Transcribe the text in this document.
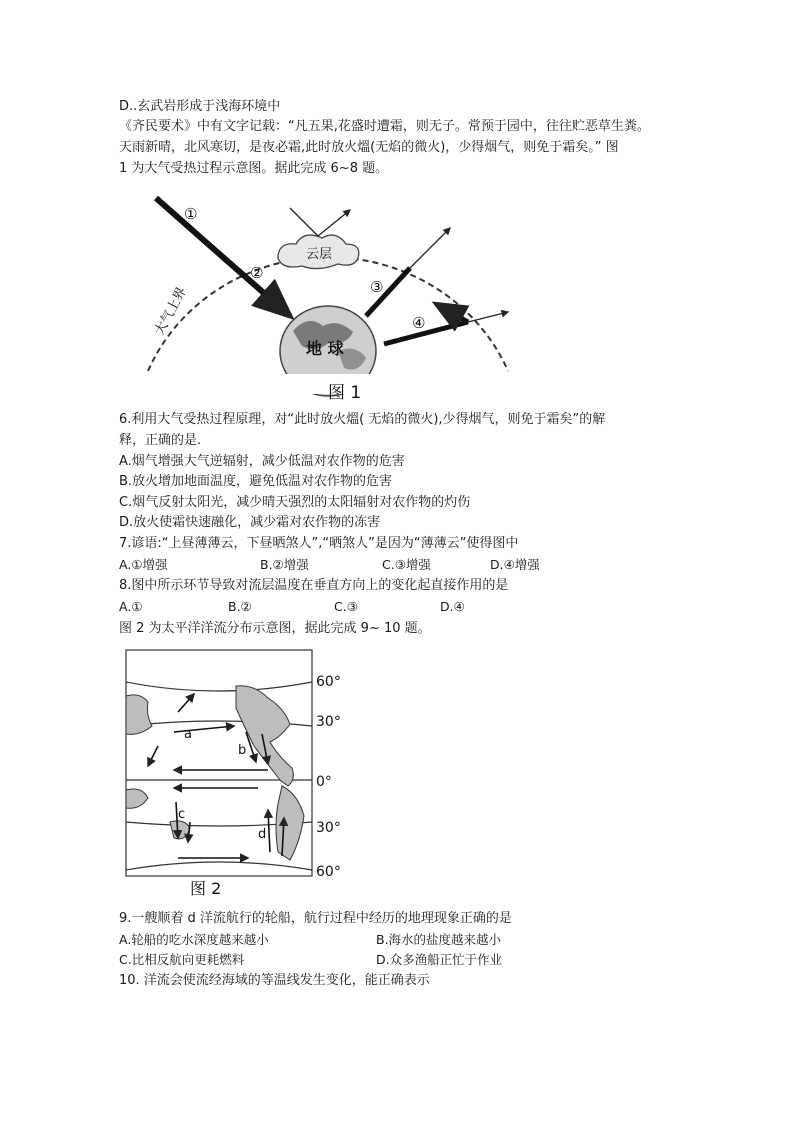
D..玄武岩形成于浅海环境中
《齐民要术》中有文字记载：“凡五果,花盛时遭霜，则无子。常预于园中，往往贮恶草生粪。
天雨新晴，北风寒切，是夜必霜,此时放火熅(无焰的微火)，少得烟气，则免于霜矣。” 图
1 为大气受热过程示意图。据此完成 6~8 题。
地 球
①
②
云层
③
④
大气上界
图 1
6.利用大气受热过程原理，对“此时放火熅( 无焰的微火),少得烟气，则免于霜矣”的解
释，正确的是.
A.烟气增强大气逆辐射，减少低温对农作物的危害
B.放火增加地面温度，避免低温对农作物的危害
C.烟气反射太阳光，减少晴天强烈的太阳辐射对农作物的灼伤
D.放火使霜快速融化，减少霜对农作物的冻害
7.谚语:“上昼薄薄云，下昼晒煞人”,“晒煞人”是因为“薄薄云”使得图中
A.①增强	B.②增强	C.③增强	D.④增强
8.图中所示环节导致对流层温度在垂直方向上的变化起直接作用的是
A.①	B.②	C.③	D.④
图 2 为太平洋洋流分布示意图，据此完成 9~ 10 题。
a
b
c
d
60°
30°
0°
30°
60°
图 2
9.一艘顺着 d 洋流航行的轮船，航行过程中经历的地理现象正确的是
A.轮船的吃水深度越来越小	B.海水的盐度越来越小
C.比相反航向更耗燃料	D.众多渔船正忙于作业
10. 洋流会使流经海域的等温线发生变化，能正确表示
